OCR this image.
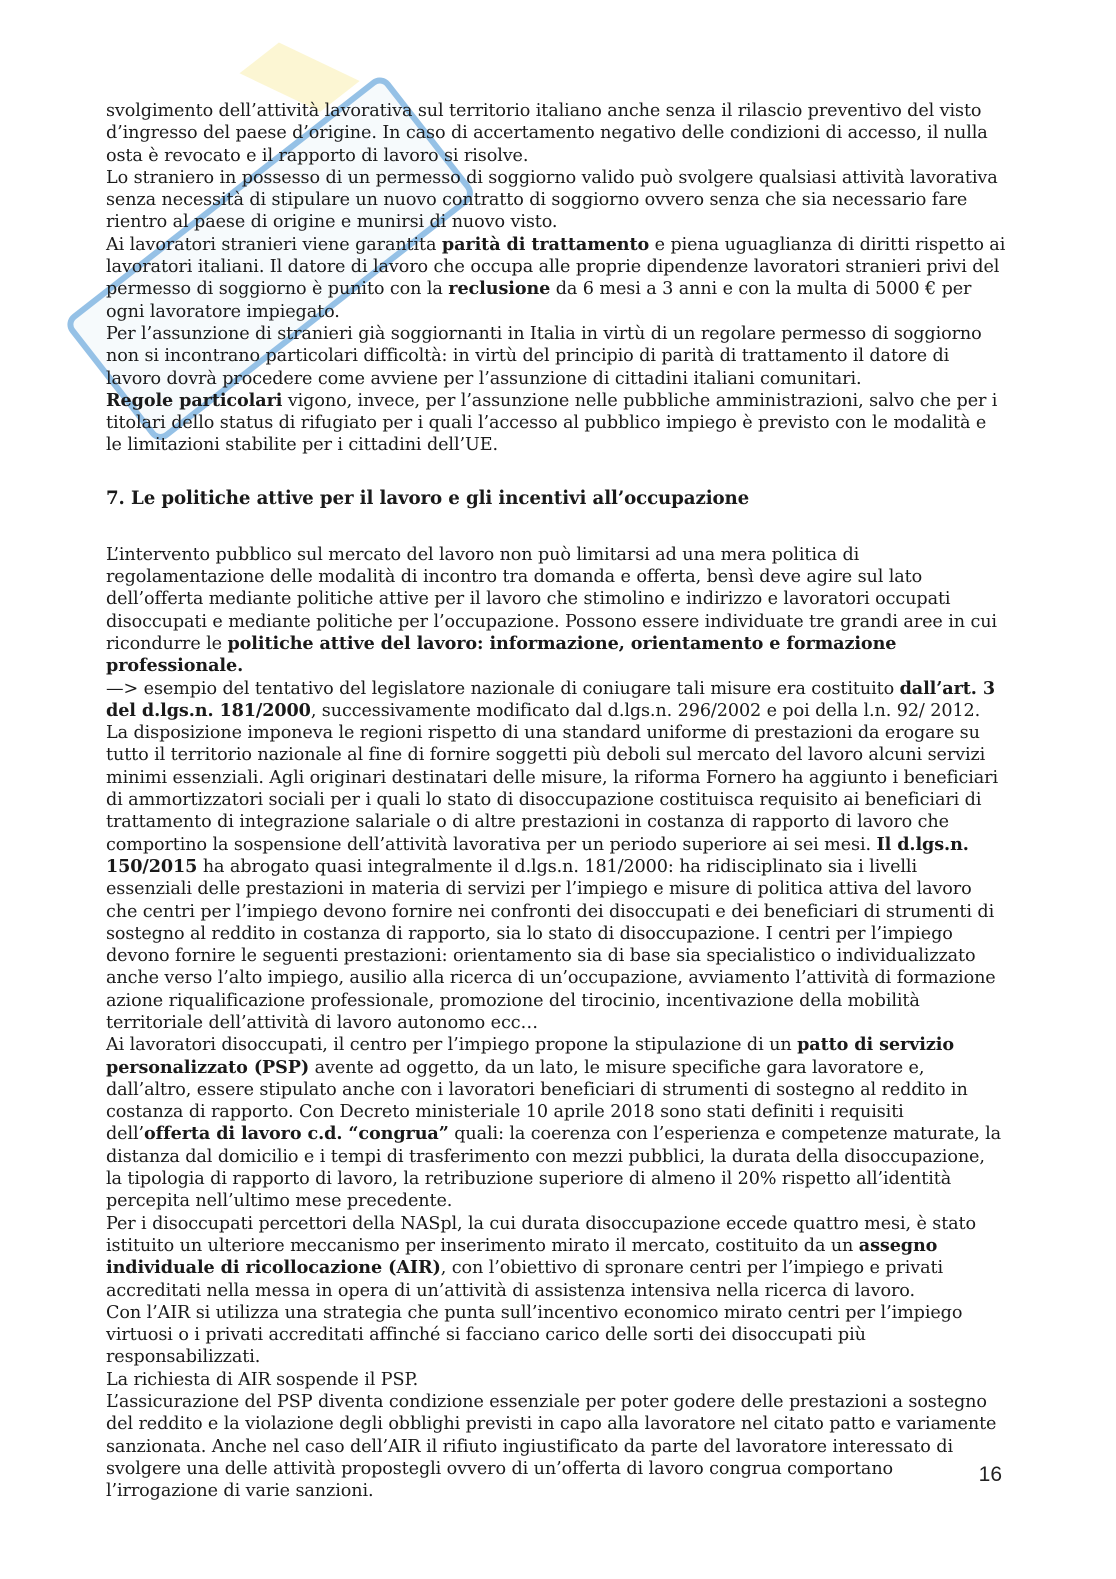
svolgimento dell’attività lavorativa sul territorio italiano anche senza il rilascio preventivo del visto d’ingresso del paese d’origine. In caso di accertamento negativo delle condizioni di accesso, il nulla osta è revocato e il rapporto di lavoro si risolve.

Lo straniero in possesso di un permesso di soggiorno valido può svolgere qualsiasi attività lavorativa senza necessità di stipulare un nuovo contratto di soggiorno ovvero senza che sia necessario fare rientro al paese di origine e munirsi di nuovo visto.

Ai lavoratori stranieri viene garantita parità di trattamento e piena uguaglianza di diritti rispetto ai lavoratori italiani. Il datore di lavoro che occupa alle proprie dipendenze lavoratori stranieri privi del permesso di soggiorno è punito con la reclusione da 6 mesi a 3 anni e con la multa di 5000 € per ogni lavoratore impiegato.

Per l’assunzione di stranieri già soggiornanti in Italia in virtù di un regolare permesso di soggiorno non si incontrano particolari difficoltà: in virtù del principio di parità di trattamento il datore di lavoro dovrà procedere come avviene per l’assunzione di cittadini italiani comunitari.

Regole particolari vigono, invece, per l’assunzione nelle pubbliche amministrazioni, salvo che per i titolari dello status di rifugiato per i quali l’accesso al pubblico impiego è previsto con le modalità e le limitazioni stabilite per i cittadini dell’UE.

7. Le politiche attive per il lavoro e gli incentivi all’occupazione

L’intervento pubblico sul mercato del lavoro non può limitarsi ad una mera politica di regolamentazione delle modalità di incontro tra domanda e offerta, bensì deve agire sul lato dell’offerta mediante politiche attive per il lavoro che stimolino e indirizzo e lavoratori occupati disoccupati e mediante politiche per l’occupazione. Possono essere individuate tre grandi aree in cui ricondurre le politiche attive del lavoro: informazione, orientamento e formazione professionale.

—> esempio del tentativo del legislatore nazionale di coniugare tali misure era costituito dall’art. 3 del d.lgs.n. 181/2000, successivamente modificato dal d.lgs.n. 296/2002 e poi della l.n. 92/ 2012. La disposizione imponeva le regioni rispetto di una standard uniforme di prestazioni da erogare su tutto il territorio nazionale al fine di fornire soggetti più deboli sul mercato del lavoro alcuni servizi minimi essenziali. Agli originari destinatari delle misure, la riforma Fornero ha aggiunto i beneficiari di ammortizzatori sociali per i quali lo stato di disoccupazione costituisca requisito ai beneficiari di trattamento di integrazione salariale o di altre prestazioni in costanza di rapporto di lavoro che comportino la sospensione dell’attività lavorativa per un periodo superiore ai sei mesi. Il d.lgs.n. 150/2015 ha abrogato quasi integralmente il d.lgs.n. 181/2000: ha ridisciplinato sia i livelli essenziali delle prestazioni in materia di servizi per l’impiego e misure di politica attiva del lavoro che centri per l’impiego devono fornire nei confronti dei disoccupati e dei beneficiari di strumenti di sostegno al reddito in costanza di rapporto, sia lo stato di disoccupazione. I centri per l’impiego devono fornire le seguenti prestazioni: orientamento sia di base sia specialistico o individualizzato anche verso l’alto impiego, ausilio alla ricerca di un’occupazione, avviamento l’attività di formazione azione riqualificazione professionale, promozione del tirocinio, incentivazione della mobilità territoriale dell’attività di lavoro autonomo ecc…

Ai lavoratori disoccupati, il centro per l’impiego propone la stipulazione di un patto di servizio personalizzato (PSP) avente ad oggetto, da un lato, le misure specifiche gara lavoratore e, dall’altro, essere stipulato anche con i lavoratori beneficiari di strumenti di sostegno al reddito in costanza di rapporto. Con Decreto ministeriale 10 aprile 2018 sono stati definiti i requisiti dell’offerta di lavoro c.d. “congrua” quali: la coerenza con l’esperienza e competenze maturate, la distanza dal domicilio e i tempi di trasferimento con mezzi pubblici, la durata della disoccupazione, la tipologia di rapporto di lavoro, la retribuzione superiore di almeno il 20% rispetto all’identità percepita nell’ultimo mese precedente.

Per i disoccupati percettori della NASpl, la cui durata disoccupazione eccede quattro mesi, è stato istituito un ulteriore meccanismo per inserimento mirato il mercato, costituito da un assegno individuale di ricollocazione (AIR), con l’obiettivo di spronare centri per l’impiego e privati accreditati nella messa in opera di un’attività di assistenza intensiva nella ricerca di lavoro.

Con l’AIR si utilizza una strategia che punta sull’incentivo economico mirato centri per l’impiego virtuosi o i privati accreditati affinché si facciano carico delle sorti dei disoccupati più responsabilizzati.

La richiesta di AIR sospende il PSP.

L’assicurazione del PSP diventa condizione essenziale per poter godere delle prestazioni a sostegno del reddito e la violazione degli obblighi previsti in capo alla lavoratore nel citato patto e variamente sanzionata. Anche nel caso dell’AIR il rifiuto ingiustificato da parte del lavoratore interessato di svolgere una delle attività propostegli ovvero di un’offerta di lavoro congrua comportano l’irrogazione di varie sanzioni.

16
